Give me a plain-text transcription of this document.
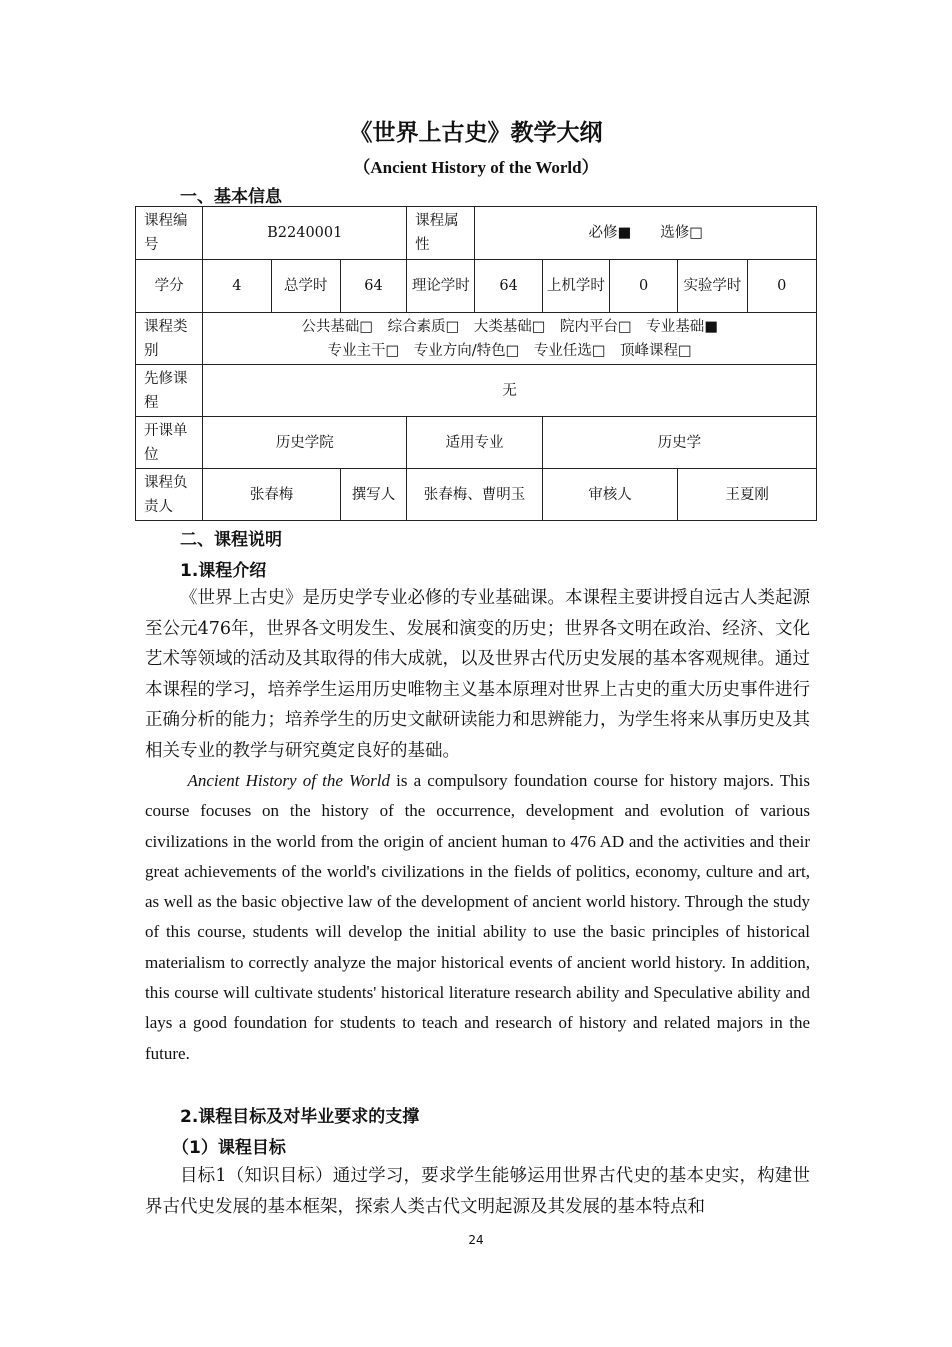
《世界上古史》教学大纲
（Ancient History of the World）
一、基本信息
课程编号	B2240001			课程属性	必修■　　选修□				
学分	4	总学时	64	理论学时	64	上机学时	0	实验学时	0
课程类别	公共基础□　综合素质□　大类基础□　院内平台□　专业基础■
专业主干□　专业方向/特色□　专业任选□　顶峰课程□								

先修课程	无								
开课单位	历史学院			适用专业		历史学			
课程负责人	张春梅		撰写人	张春梅、曹明玉		审核人		王夏刚	
二、课程说明
1.课程介绍

《世界上古史》是历史学专业必修的专业基础课。本课程主要讲授自远古人类起源至公元476年，世界各文明发生、发展和演变的历史；世界各文明在政治、经济、文化艺术等领域的活动及其取得的伟大成就，以及世界古代历史发展的基本客观规律。通过本课程的学习，培养学生运用历史唯物主义基本原理对世界上古史的重大历史事件进行正确分析的能力；培养学生的历史文献研读能力和思辨能力，为学生将来从事历史及其相关专业的教学与研究奠定良好的基础。

Ancient History of the World is a compulsory foundation course for history majors. This course focuses on the history of the occurrence, development and evolution of various civilizations in the world from the origin of ancient human to 476 AD and the activities and their great achievements of the world's civilizations in the fields of politics, economy, culture and art, as well as the basic objective law of the development of ancient world history. Through the study of this course, students will develop the initial ability to use the basic principles of historical materialism to correctly analyze the major historical events of ancient world history. In addition, this course will cultivate students' historical literature research ability and Speculative ability and lays a good foundation for students to teach and research of history and related majors in the future.

2.课程目标及对毕业要求的支撑
（1）课程目标

目标1（知识目标）通过学习，要求学生能够运用世界古代史的基本史实，构建世界古代史发展的基本框架，探索人类古代文明起源及其发展的基本特点和

24
